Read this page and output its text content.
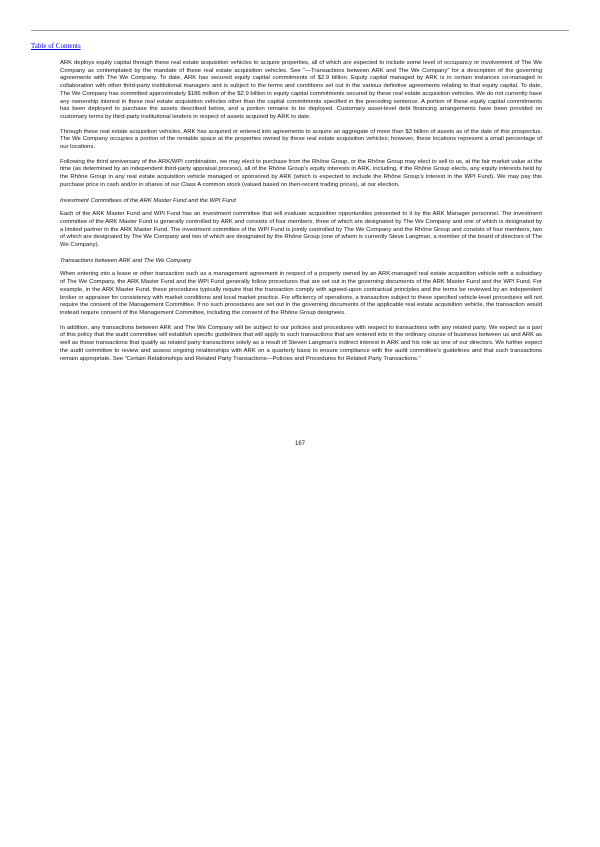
Table of Contents

ARK deploys equity capital through these real estate acquisition vehicles to acquire properties, all of which are expected to include some level of occupancy or involvement of The We Company as contemplated by the mandate of these real estate acquisition vehicles. See “—Transactions between ARK and The We Company” for a description of the governing agreements with The We Company. To date, ARK has secured equity capital commitments of $2.9 billion. Equity capital managed by ARK is in certain instances co-managed in collaboration with other third-party institutional managers and is subject to the terms and conditions set out in the various definitive agreements relating to that equity capital. To date, The We Company has committed approximately $186 million of the $2.9 billion in equity capital commitments secured by these real estate acquisition vehicles. We do not currently have any ownership interest in these real estate acquisition vehicles other than the capital commitments specified in the preceding sentence. A portion of these equity capital commitments has been deployed to purchase the assets described below, and a portion remains to be deployed. Customary asset-level debt financing arrangements have been provided on customary terms by third-party institutional lenders in respect of assets acquired by ARK to date.

Through these real estate acquisition vehicles, ARK has acquired or entered into agreements to acquire an aggregate of more than $3 billion of assets as of the date of this prospectus. The We Company occupies a portion of the rentable space at the properties owned by these real estate acquisition vehicles; however, these locations represent a small percentage of our locations.

Following the third anniversary of the ARK/WPI combination, we may elect to purchase from the Rhône Group, or the Rhône Group may elect to sell to us, at the fair market value at the time (as determined by an independent third-party appraisal process), all of the Rhône Group’s equity interests in ARK, including, if the Rhône Group elects, any equity interests held by the Rhône Group in any real estate acquisition vehicle managed or sponsored by ARK (which is expected to include the Rhône Group’s interest in the WPI Fund). We may pay this purchase price in cash and/or in shares of our Class A common stock (valued based on then-recent trading prices), at our election.

Investment Committees of the ARK Master Fund and the WPI Fund

Each of the ARK Master Fund and WPI Fund has an investment committee that will evaluate acquisition opportunities presented to it by the ARK Manager personnel. The investment committee of the ARK Master Fund is generally controlled by ARK and consists of four members, three of which are designated by The We Company and one of which is designated by a limited partner in the ARK Master Fund. The investment committee of the WPI Fund is jointly controlled by The We Company and the Rhône Group and consists of four members, two of which are designated by The We Company and two of which are designated by the Rhône Group (one of whom is currently Steve Langman, a member of the board of directors of The We Company).

Transactions between ARK and The We Company

When entering into a lease or other transaction such as a management agreement in respect of a property owned by an ARK-managed real estate acquisition vehicle with a subsidiary of The We Company, the ARK Master Fund and the WPI Fund generally follow procedures that are set out in the governing documents of the ARK Master Fund and the WPI Fund. For example, in the ARK Master Fund, these procedures typically require that the transaction comply with agreed-upon contractual principles and the terms be reviewed by an independent broker or appraiser for consistency with market conditions and local market practice. For efficiency of operations, a transaction subject to these specified vehicle-level procedures will not require the consent of the Management Committee. If no such procedures are set out in the governing documents of the applicable real estate acquisition vehicle, the transaction would instead require consent of the Management Committee, including the consent of the Rhône Group designees.

In addition, any transactions between ARK and The We Company will be subject to our policies and procedures with respect to transactions with any related party. We expect as a part of this policy that the audit committee will establish specific guidelines that will apply to such transactions that are entered into in the ordinary course of business between us and ARK as well as those transactions that qualify as related party transactions solely as a result of Steven Langman’s indirect interest in ARK and his role as one of our directors. We further expect the audit committee to review and assess ongoing relationships with ARK on a quarterly basis to ensure compliance with the audit committee’s guidelines and that such transactions remain appropriate. See “Certain Relationships and Related Party Transactions—Policies and Procedures for Related Party Transactions.”

167
